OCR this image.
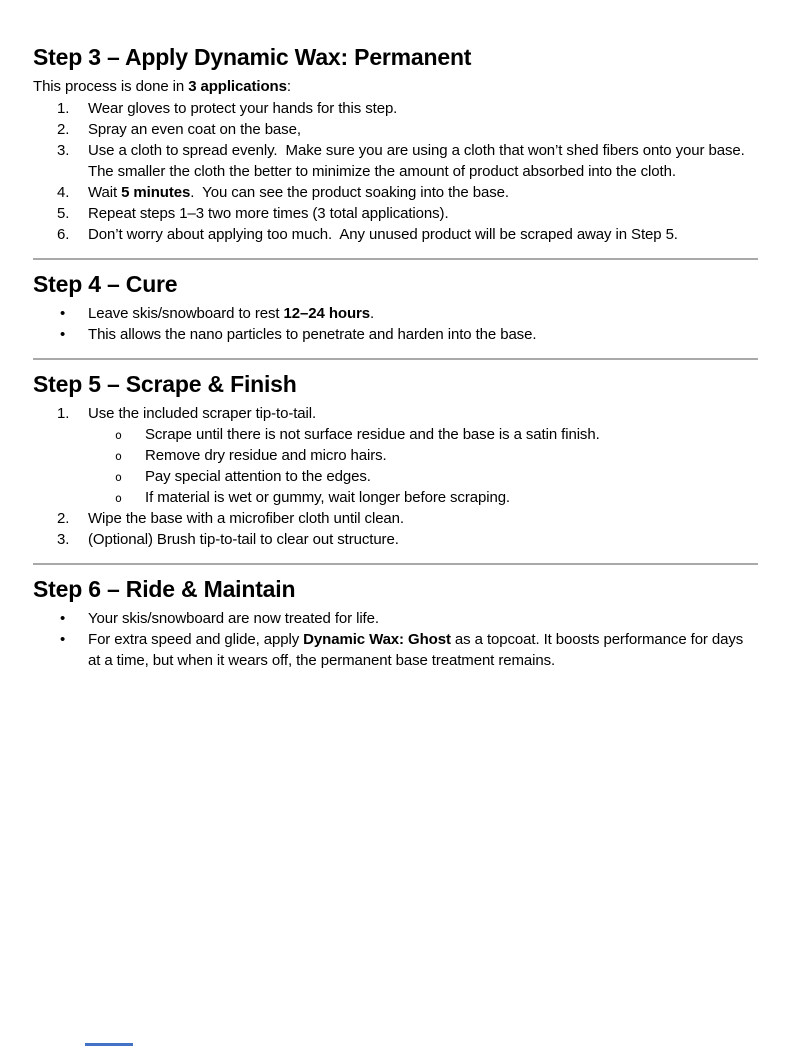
Step 3 – Apply Dynamic Wax: Permanent

This process is done in 3 applications:

1. Wear gloves to protect your hands for this step.
2. Spray an even coat on the base,
3. Use a cloth to spread evenly.  Make sure you are using a cloth that won’t shed fibers onto your base.  The smaller the cloth the better to minimize the amount of product absorbed into the cloth.
4. Wait 5 minutes.  You can see the product soaking into the base.
5. Repeat steps 1–3 two more times (3 total applications).
6. Don’t worry about applying too much.  Any unused product will be scraped away in Step 5.
Step 4 – Cure
• Leave skis/snowboard to rest 12–24 hours.
• This allows the nano particles to penetrate and harden into the base.
Step 5 – Scrape & Finish
1. Use the included scraper tip-to-tail.
o Scrape until there is not surface residue and the base is a satin finish.
o Remove dry residue and micro hairs.
o Pay special attention to the edges.
o If material is wet or gummy, wait longer before scraping.
2. Wipe the base with a microfiber cloth until clean.
3. (Optional) Brush tip-to-tail to clear out structure.
Step 6 – Ride & Maintain
• Your skis/snowboard are now treated for life.
• For extra speed and glide, apply Dynamic Wax: Ghost as a topcoat. It boosts performance for days at a time, but when it wears off, the permanent base treatment remains.
